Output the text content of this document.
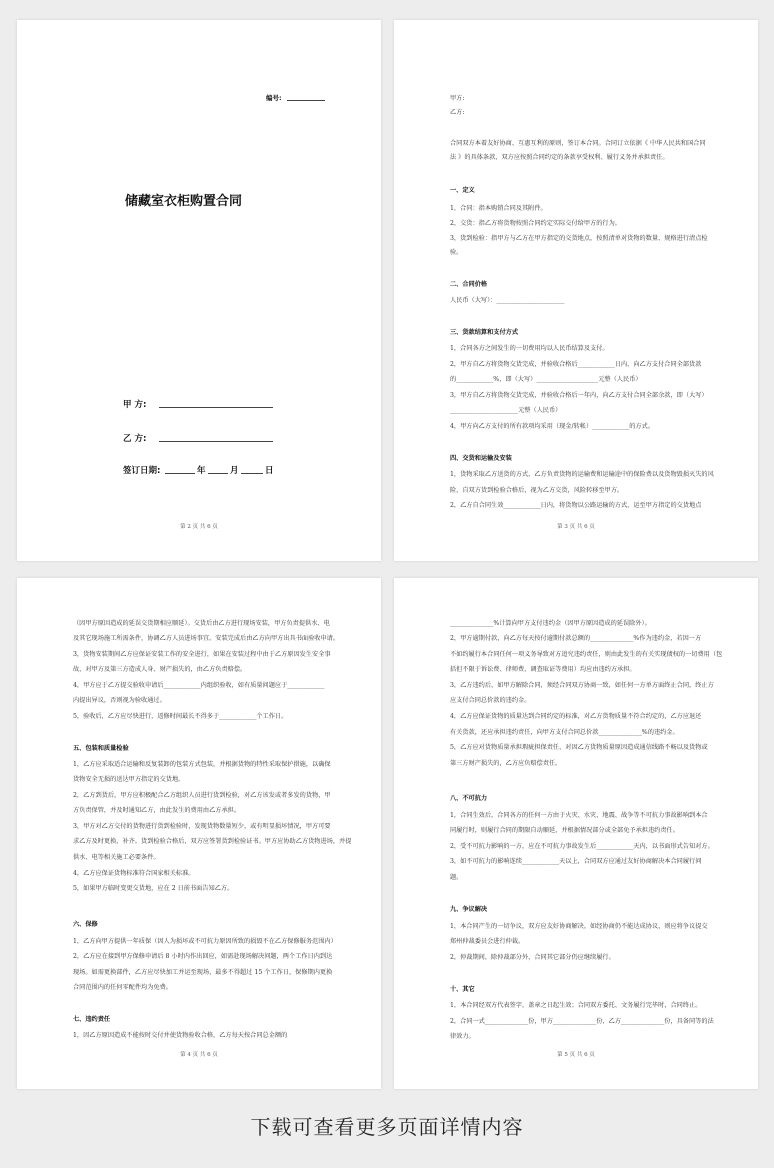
编号:
储藏室衣柜购置合同
甲 方:
乙 方:
签订日期:	年	月	日
第 2 页 共 6 页
甲方:
乙方:
合同双方本着友好协商、互惠互利的原则，签订本合同。合同订立依据《 中华人民共和国合同
法 》的具体条款，双方应按照合同约定的条款享受权利、履行义务并承担责任。
一、定义
1，合同：指本购销合同及其附件。
2，交货：指乙方将货物按照合同约定实际交付给甲方的行为。
3，货到检验：指甲方与乙方在甲方指定的交货地点，按照清单对货物的数量、规格进行清点检
验。
二、合同价格
人民币（大写）：______________________
三、货款结算和支付方式
1，合同各方之间发生的一切费用均以人民币结算及支付。
2，甲方自乙方将货物交货完成，并验收合格后____________日内，向乙方支付合同全部货款
的____________%，即（大写）____________________元整（人民币）
3，甲方自乙方将货物交货完成，并验收合格后一年内，向乙方支付合同全部余款，即（大写）
______________________元整（人民币）
4，甲方向乙方支付的所有款项均采用（现金/转帐）____________的方式。
四、交货和运输及安装
1，货物采取乙方送货的方式，乙方负责货物的运输费和运输途中的保险费以及货物毁损灭失的风
险，自双方货到检验合格后，视为乙方交货，风险转移至甲方。
2，乙方自合同生效____________日内，将货物以公路运输的方式，运至甲方指定的交货地点
第 3 页 共 6 页
（因甲方原因造成的延误交货期相应顺延）。交货后由乙方进行现场安装，甲方负责提供水、电
及其它现场施工所需条件，协调乙方人员进场事宜。安装完成后由乙方向甲方出具书面验收申请。
3，货物安装期间乙方应保证安装工作的安全进行，如果在安装过程中由于乙方原因发生安全事
故，对甲方及第三方造成人身、财产损失的，由乙方负责赔偿。
4，甲方应于乙方提交验收申请后____________内组织验收，如有质量问题应于____________
内提出异议，否则视为验收通过。
5，验收后，乙方应尽快进行，返修时间最长不得多于____________个工作日。
五、包装和质量检验
1，乙方应采取适合运输和反复装卸的包装方式包装，并根据货物的特性采取保护措施，以确保
货物安全无损的送达甲方指定的交货地。
2，乙方到货后，甲方应积极配合乙方组织人员进行货到检验，对乙方该发或者多发的货物，甲
方负责保管，并及时通知乙方，由此发生的费用由乙方承担。
3，甲方对乙方交付的货物进行货到检验时，发现货物数量短少，或有明显损坏情况，甲方可要
求乙方及时更换、补齐。货到检验合格后，双方应签署货到检验证书。甲方应协助乙方货物进场，并提
供水、电等相关施工必要条件。
4，乙方应保证货物标准符合国家相关标准。
5，如果甲方临时变更交货地，应在 2 日前书面告知乙方。
六、保修
1，乙方向甲方提供一年质保（因人为损坏或不可抗力原因所致的损毁不在乙方保修服务范围内）
2，乙方应在接到甲方保修申请后 8 小时内作出回应，如需赴现场解决问题，两个工作日内到达
现场。如需更换部件，乙方应尽快加工并运至现场，最多不得超过 15 个工作日，保修期内更换
合同范围内的任何零配件均为免费。
七、违约责任
1，因乙方原因造成不能按时交付并使货物验收合格，乙方每天按合同总金额的
第 4 页 共 6 页
______________%计算向甲方支付违约金（因甲方原因造成的延误除外）。
2，甲方逾期付款，向乙方每天按付逾期付款总额的______________%作为违约金，若因一方
不如约履行本合同任何一项义务导致对方追究违约责任，则由此发生的有关实现债权的一切费用（包
括但不限于诉讼费、律师费、调查取证等费用）均应由违约方承担。
3，乙方违约后，如甲方解除合同，须经合同双方协商一致，如任何一方单方面终止合同，终止方
应支付合同总价款的违约金。
4，乙方应保证货物的质量达到合同约定的标准，对乙方货物质量不符合约定的，乙方应退还
有关货款，还应承担违约责任，向甲方支付合同总价款______________%的违约金。
5，乙方应对货物质量承担瑕疵担保责任，对因乙方货物质量原因造成通信线路不畅以及货物或
第三方财产损失的，乙方应负赔偿责任。
八、不可抗力
1，合同生效后，合同各方的任何一方由于火灾、水灾、地震、战争等不可抗力事故影响到本合
同履行时，则履行合同的期限自动顺延，并根据情况部分或全部免予承担违约责任。
2，受不可抗力影响的一方，应在不可抗力事故发生后____________天内，以书面形式告知对方。
3，如不可抗力的影响连续____________天以上，合同双方应通过友好协商解决本合同履行问
题。
九、争议解决
1，本合同产生的一切争议，双方应友好协商解决。如经协商仍不能达成协议，则应将争议提交
郑州仲裁委员会进行仲裁。
2，仲裁期间，除仲裁部分外，合同其它部分仍应继续履行。
十、其它
1，本合同经双方代表签字，盖章之日起生效；合同双方委托、文务履行完毕时，合同终止。
2，合同一式______________份，甲方______________份，乙方______________份，具备同等的法
律效力。
第 5 页 共 6 页
下载可查看更多页面详情内容
